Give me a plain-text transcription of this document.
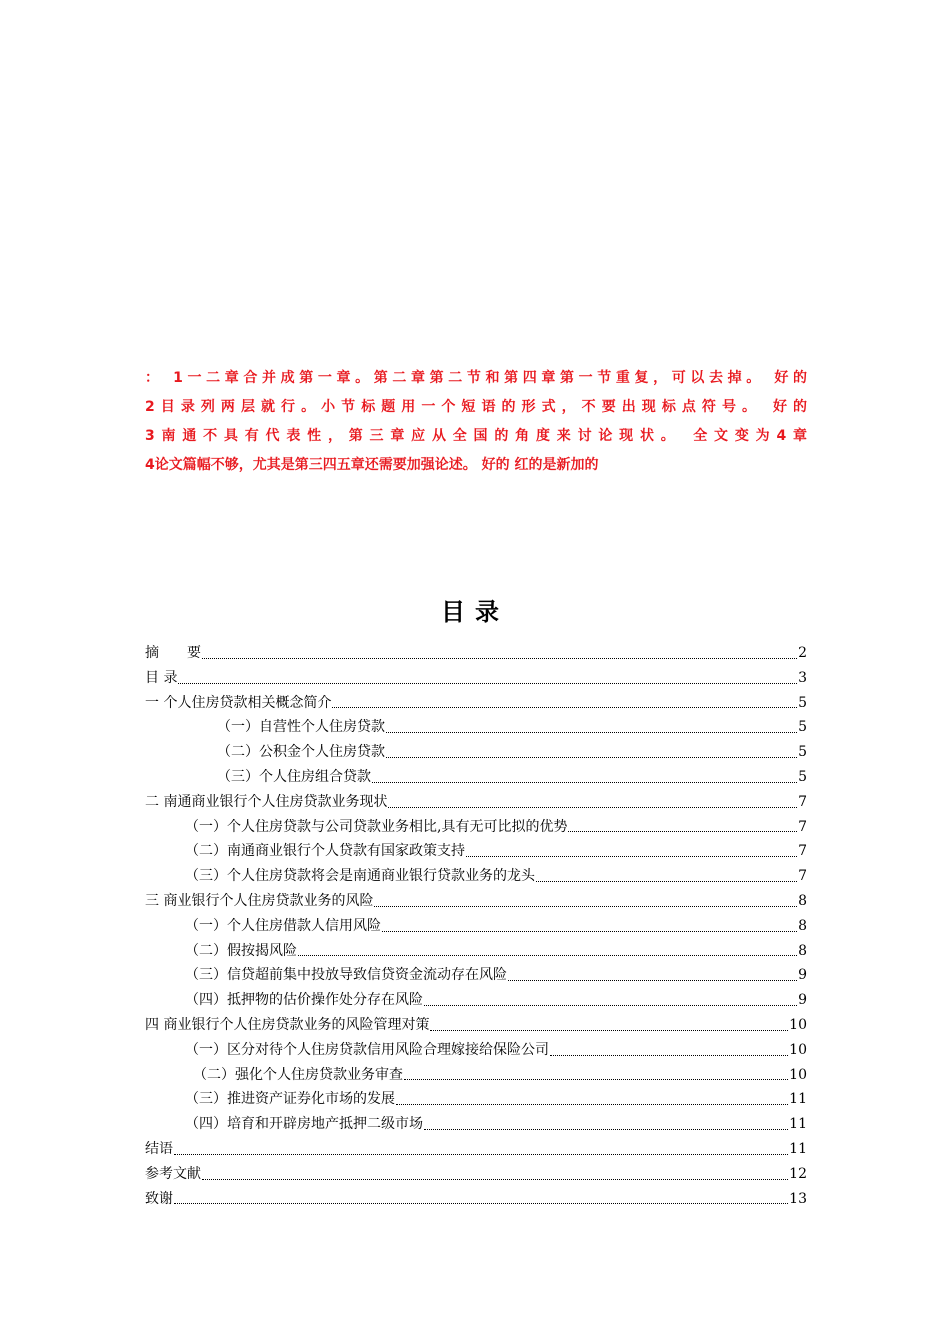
： 1一二章合并成第一章。第二章第二节和第四章第一节重复，可以去掉。 好的
2目录列两层就行。小节标题用一个短语的形式，不要出现标点符号。 好的
3南通不具有代表性，第三章应从全国的角度来讨论现状。 全文变为4章
4论文篇幅不够，尤其是第三四五章还需要加强论述。 好的 红的是新加的
目录
摘　　要	2
目 录	3
一 个人住房贷款相关概念简介	5
（一）自营性个人住房贷款	5
（二）公积金个人住房贷款	5
（三）个人住房组合贷款	5
二 南通商业银行个人住房贷款业务现状	7
（一）个人住房贷款与公司贷款业务相比,具有无可比拟的优势	7
（二）南通商业银行个人贷款有国家政策支持	7
（三）个人住房贷款将会是南通商业银行贷款业务的龙头	7
三 商业银行个人住房贷款业务的风险	8
（一）个人住房借款人信用风险	8
（二）假按揭风险	8
（三）信贷超前集中投放导致信贷资金流动存在风险	9
（四）抵押物的估价操作处分存在风险	9
四 商业银行个人住房贷款业务的风险管理对策	10
（一）区分对待个人住房贷款信用风险合理嫁接给保险公司	10
（二）强化个人住房贷款业务审查	10
（三）推进资产证券化市场的发展	11
（四）培育和开辟房地产抵押二级市场	11
结语	11
参考文献	12
致谢	13
